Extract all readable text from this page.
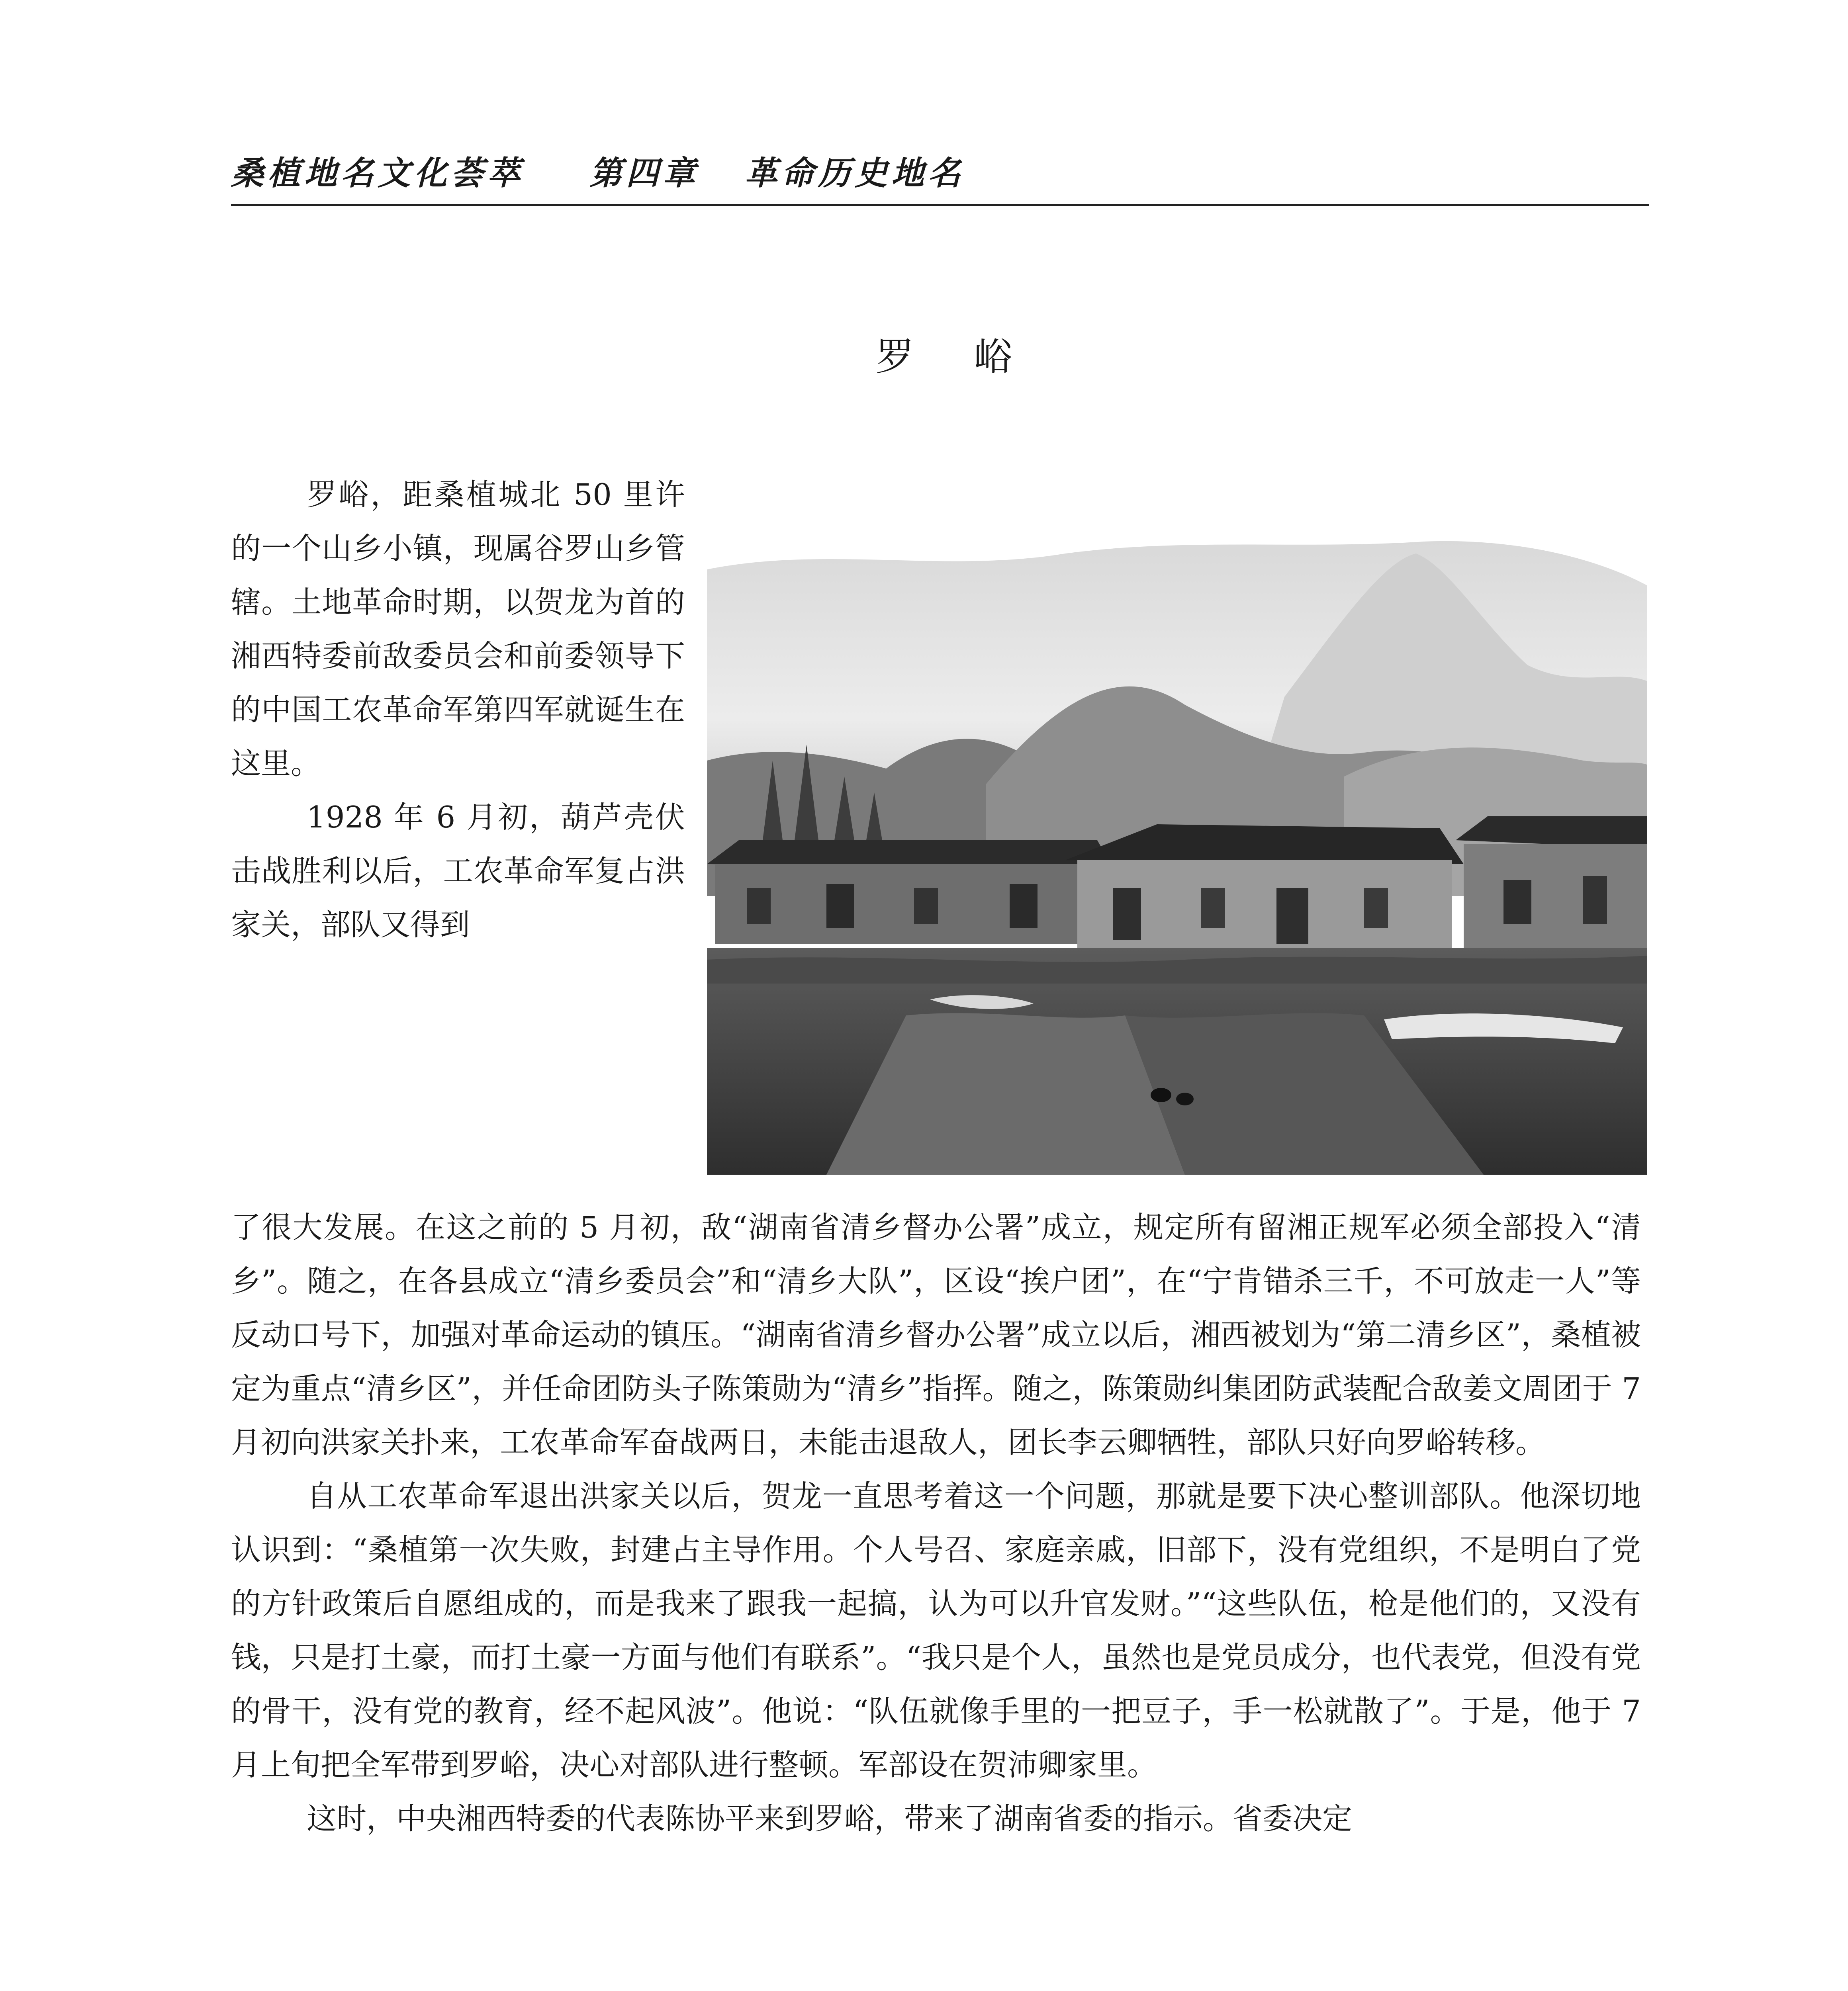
桑植地名文化荟萃 第四章 革命历史地名
罗 峪

罗峪，距桑植城北 50 里许的一个山乡小镇，现属谷罗山乡管辖。土地革命时期，以贺龙为首的湘西特委前敌委员会和前委领导下的中国工农革命军第四军就诞生在这里。

1928 年 6 月初，葫芦壳伏击战胜利以后，工农革命军复占洪家关，部队又得到

了很大发展。在这之前的 5 月初，敌“湖南省清乡督办公署”成立，规定所有留湘正规军必须全部投入“清乡”。随之，在各县成立“清乡委员会”和“清乡大队”，区设“挨户团”，在“宁肯错杀三千，不可放走一人”等反动口号下，加强对革命运动的镇压。“湖南省清乡督办公署”成立以后，湘西被划为“第二清乡区”，桑植被定为重点“清乡区”，并任命团防头子陈策勋为“清乡”指挥。随之，陈策勋纠集团防武装配合敌姜文周团于 7 月初向洪家关扑来，工农革命军奋战两日，未能击退敌人，团长李云卿牺牲，部队只好向罗峪转移。

自从工农革命军退出洪家关以后，贺龙一直思考着这一个问题，那就是要下决心整训部队。他深切地认识到：“桑植第一次失败，封建占主导作用。个人号召、家庭亲戚，旧部下，没有党组织，不是明白了党的方针政策后自愿组成的，而是我来了跟我一起搞，认为可以升官发财。”“这些队伍，枪是他们的，又没有钱，只是打土豪，而打土豪一方面与他们有联系”。“我只是个人，虽然也是党员成分，也代表党，但没有党的骨干，没有党的教育，经不起风波”。他说：“队伍就像手里的一把豆子，手一松就散了”。于是，他于 7 月上旬把全军带到罗峪，决心对部队进行整顿。军部设在贺沛卿家里。

这时，中央湘西特委的代表陈协平来到罗峪，带来了湖南省委的指示。省委决定
